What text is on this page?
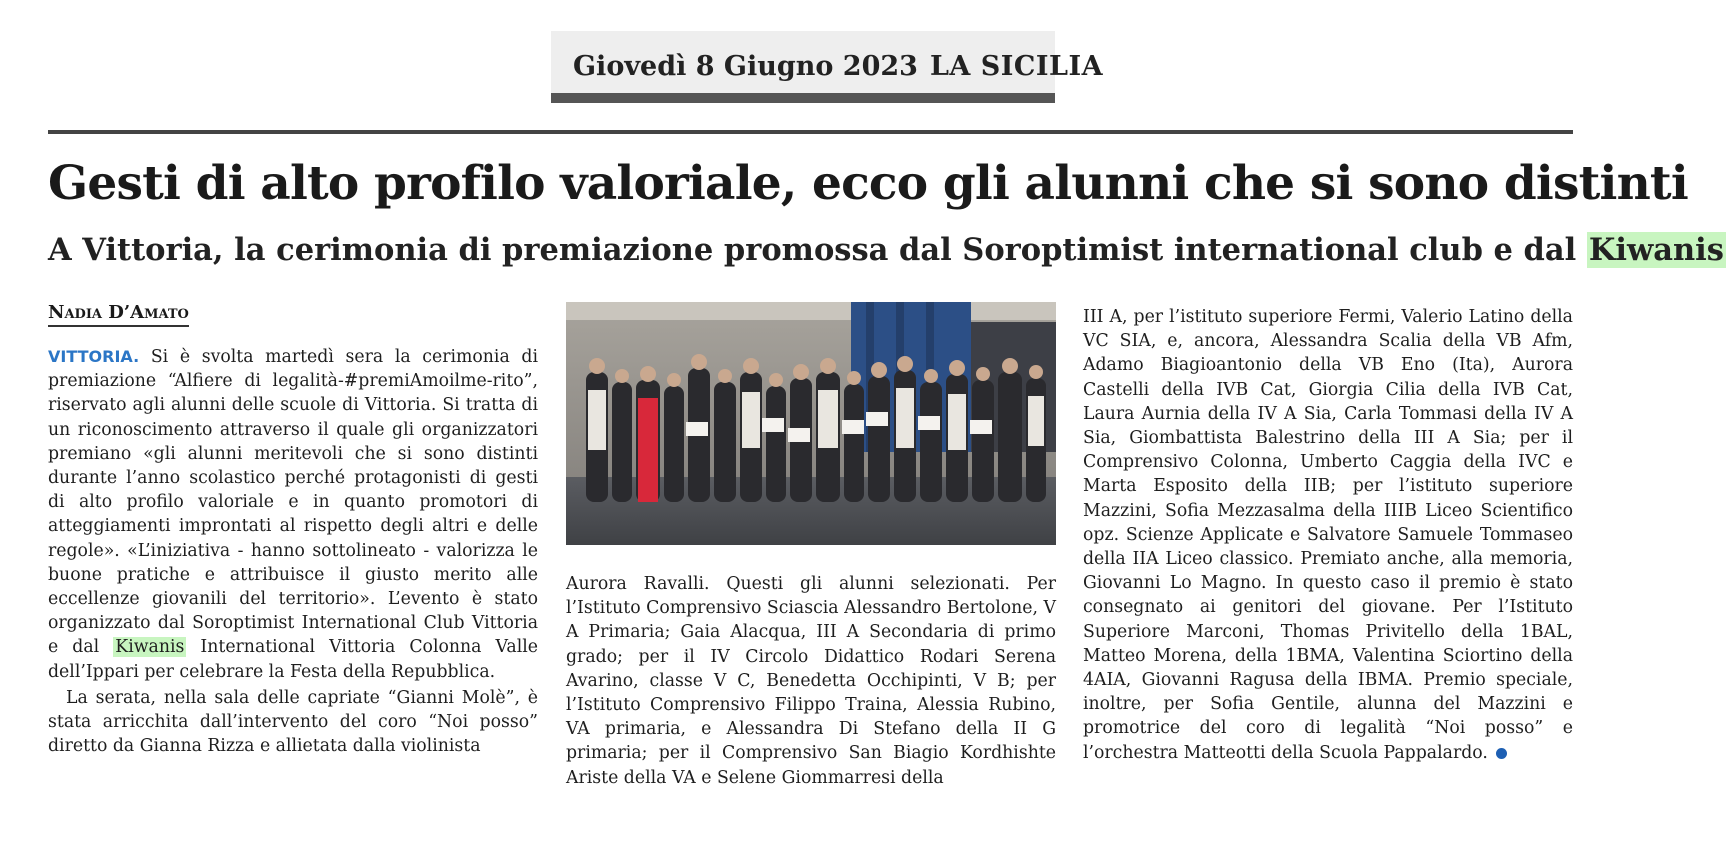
Giovedì 8 Giugno 2023 LA SICILIA
Gesti di alto profilo valoriale, ecco gli alunni che si sono distinti
A Vittoria, la cerimonia di premiazione promossa dal Soroptimist international club e dal Kiwanis
Nadia D’Amato

VITTORIA. Si è svolta martedì sera la cerimonia di premiazione “Alfiere di legalità-#premiAmoilme-rito”, riservato agli alunni delle scuole di Vittoria. Si tratta di un riconoscimento attraverso il quale gli organizzatori premiano «gli alunni meritevoli che si sono distinti durante l’anno scolastico perché protagonisti di gesti di alto profilo valoriale e in quanto promotori di atteggiamenti improntati al rispetto degli altri e delle regole». «L’iniziativa - hanno sottolineato - valorizza le buone pratiche e attribuisce il giusto merito alle eccellenze giovanili del territorio». L’evento è stato organizzato dal Soroptimist International Club Vittoria e dal Kiwanis International Vittoria Colonna Valle dell’Ippari per celebrare la Festa della Repubblica.

La serata, nella sala delle capriate “Gianni Molè”, è stata arricchita dall’intervento del coro “Noi posso” diretto da Gianna Rizza e allietata dalla violinista

Aurora Ravalli. Questi gli alunni selezionati. Per l’Istituto Comprensivo Sciascia Alessandro Bertolone, V A Primaria; Gaia Alacqua, III A Secondaria di primo grado; per il IV Circolo Didattico Rodari Serena Avarino, classe V C, Benedetta Occhipinti, V B; per l’Istituto Comprensivo Filippo Traina, Alessia Rubino, VA primaria, e Alessandra Di Stefano della II G primaria; per il Comprensivo San Biagio Kordhishte Ariste della VA e Selene Giommarresi della

III A, per l’istituto superiore Fermi, Valerio Latino della VC SIA, e, ancora, Alessandra Scalia della VB Afm, Adamo Biagioantonio della VB Eno (Ita), Aurora Castelli della IVB Cat, Giorgia Cilia della IVB Cat, Laura Aurnia della IV A Sia, Carla Tommasi della IV A Sia, Giombattista Balestrino della III A Sia; per il Comprensivo Colonna, Umberto Caggia della IVC e Marta Esposito della IIB; per l’istituto superiore Mazzini, Sofia Mezzasalma della IIIB Liceo Scientifico opz. Scienze Applicate e Salvatore Samuele Tommaseo della IIA Liceo classico. Premiato anche, alla memoria, Giovanni Lo Magno. In questo caso il premio è stato consegnato ai genitori del giovane. Per l’Istituto Superiore Marconi, Thomas Privitello della 1BAL, Matteo Morena, della 1BMA, Valentina Sciortino della 4AIA, Giovanni Ragusa della IBMA. Premio speciale, inoltre, per Sofia Gentile, alunna del Mazzini e promotrice del coro di legalità “Noi posso” e l’orchestra Matteotti della Scuola Pappalardo.
